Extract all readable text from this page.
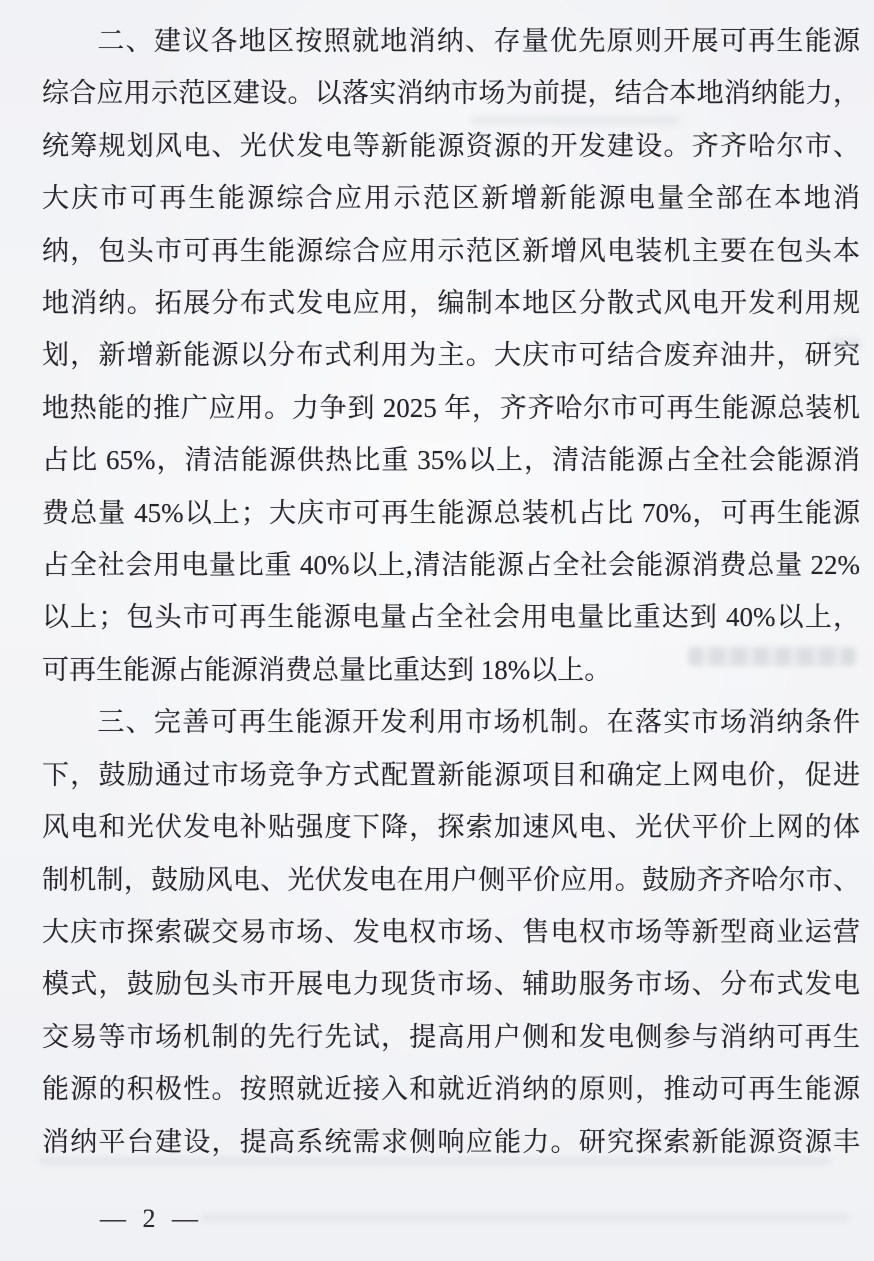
二、建议各地区按照就地消纳、存量优先原则开展可再生能源
综合应用示范区建设。以落实消纳市场为前提，结合本地消纳能力，
统筹规划风电、光伏发电等新能源资源的开发建设。齐齐哈尔市、
大庆市可再生能源综合应用示范区新增新能源电量全部在本地消
纳，包头市可再生能源综合应用示范区新增风电装机主要在包头本
地消纳。拓展分布式发电应用，编制本地区分散式风电开发利用规
划，新增新能源以分布式利用为主。大庆市可结合废弃油井，研究
地热能的推广应用。力争到 2025 年，齐齐哈尔市可再生能源总装机
占比 65%，清洁能源供热比重 35%以上，清洁能源占全社会能源消
费总量 45%以上；大庆市可再生能源总装机占比 70%，可再生能源
占全社会用电量比重 40%以上,清洁能源占全社会能源消费总量 22%
以上；包头市可再生能源电量占全社会用电量比重达到 40%以上，
可再生能源占能源消费总量比重达到 18%以上。
三、完善可再生能源开发利用市场机制。在落实市场消纳条件
下，鼓励通过市场竞争方式配置新能源项目和确定上网电价，促进
风电和光伏发电补贴强度下降，探索加速风电、光伏平价上网的体
制机制，鼓励风电、光伏发电在用户侧平价应用。鼓励齐齐哈尔市、
大庆市探索碳交易市场、发电权市场、售电权市场等新型商业运营
模式，鼓励包头市开展电力现货市场、辅助服务市场、分布式发电
交易等市场机制的先行先试，提高用户侧和发电侧参与消纳可再生
能源的积极性。按照就近接入和就近消纳的原则，推动可再生能源
消纳平台建设，提高系统需求侧响应能力。研究探索新能源资源丰
— 2 —
